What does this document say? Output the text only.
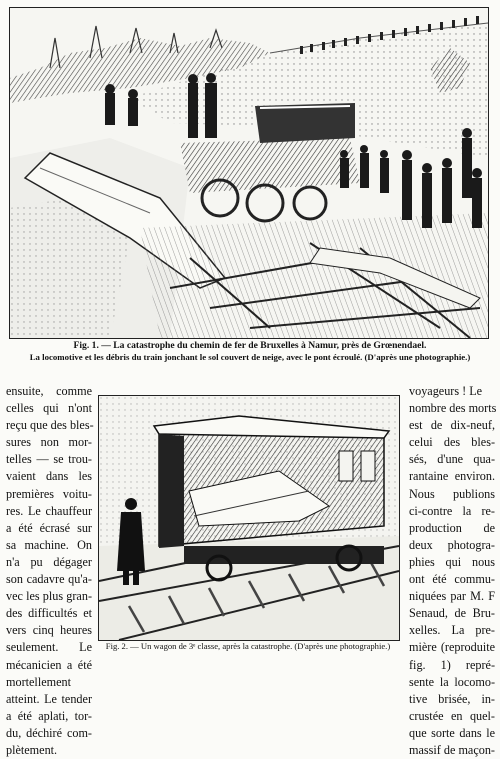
Fig. 1. — La catastrophe du chemin de fer de Bruxelles à Namur, près de Grœnendael.
La locomotive et les débris du train jonchant le sol couvert de neige, avec le pont écroulé. (D'après une photographie.)
ensuite, comme
celles qui n'ont
reçu que des bles-
sures non mor-
telles — se trou-
vaient dans les
premières voitu-
res. Le chauffeur
a été écrasé sur
sa machine. On
n'a pu dégager
son cadavre qu'a-
vec les plus gran-
des difficultés et
vers cinq heures
seulement. Le
mécanicien a été
mortellement
atteint. Le tender
a été aplati, tor-
du, déchiré com-
plètement.
Fig. 2. — Un wagon de 3ᵉ classe, après la catastrophe. (D'après une photographie.)
voyageurs ! Le
nombre des morts
est de dix-neuf,
celui des bles-
sés, d'une qua-
rantaine environ.
Nous publions
ci-contre la re-
production de
deux photogra-
phies qui nous
ont été commu-
niquées par M. F
Senaud, de Bru-
xelles. La pre-
mière (reproduite
fig. 1) repré-
sente la locomo-
tive brisée, in-
crustée en quel-
que sorte dans le
massif de maçon-
